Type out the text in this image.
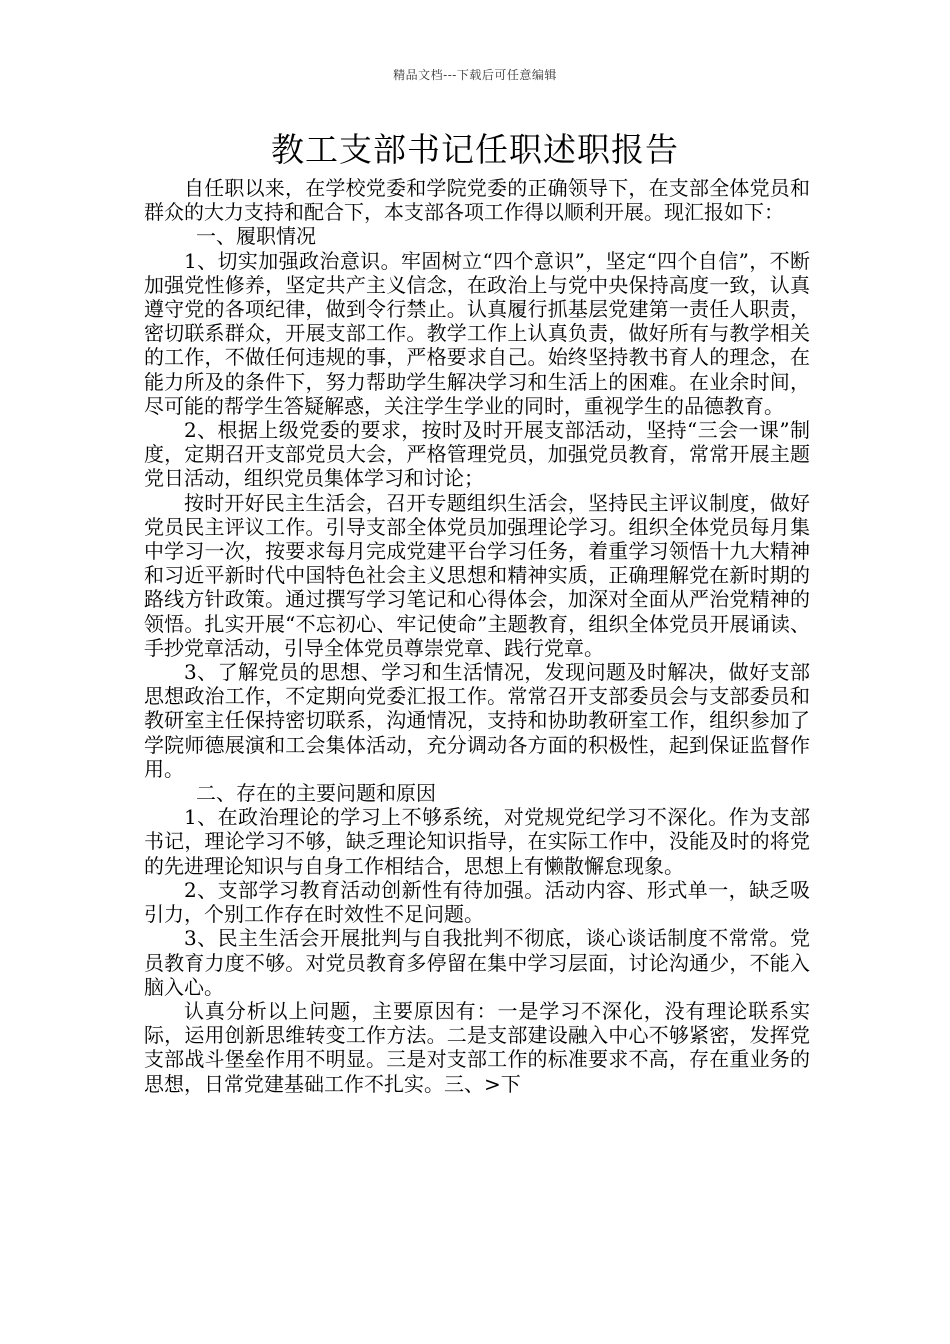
精品文档---下载后可任意编辑
教工支部书记任职述职报告

自任职以来，在学校党委和学院党委的正确领导下，在支部全体党员和群众的大力支持和配合下，本支部各项工作得以顺利开展。现汇报如下：

一、履职情况

1、切实加强政治意识。牢固树立“四个意识”，坚定“四个自信”，不断加强党性修养，坚定共产主义信念，在政治上与党中央保持高度一致，认真遵守党的各项纪律，做到令行禁止。认真履行抓基层党建第一责任人职责，密切联系群众，开展支部工作。教学工作上认真负责，做好所有与教学相关的工作，不做任何违规的事，严格要求自己。始终坚持教书育人的理念，在能力所及的条件下，努力帮助学生解决学习和生活上的困难。在业余时间，尽可能的帮学生答疑解惑，关注学生学业的同时，重视学生的品德教育。

2、根据上级党委的要求，按时及时开展支部活动，坚持“三会一课”制度，定期召开支部党员大会，严格管理党员，加强党员教育，常常开展主题党日活动，组织党员集体学习和讨论；

按时开好民主生活会，召开专题组织生活会，坚持民主评议制度，做好党员民主评议工作。引导支部全体党员加强理论学习。组织全体党员每月集中学习一次，按要求每月完成党建平台学习任务，着重学习领悟十九大精神和习近平新时代中国特色社会主义思想和精神实质，正确理解党在新时期的路线方针政策。通过撰写学习笔记和心得体会，加深对全面从严治党精神的领悟。扎实开展“不忘初心、牢记使命”主题教育，组织全体党员开展诵读、手抄党章活动，引导全体党员尊崇党章、践行党章。

3、了解党员的思想、学习和生活情况，发现问题及时解决，做好支部思想政治工作，不定期向党委汇报工作。常常召开支部委员会与支部委员和教研室主任保持密切联系，沟通情况，支持和协助教研室工作，组织参加了学院师德展演和工会集体活动，充分调动各方面的积极性，起到保证监督作用。

二、存在的主要问题和原因

1、在政治理论的学习上不够系统，对党规党纪学习不深化。作为支部书记，理论学习不够，缺乏理论知识指导，在实际工作中，没能及时的将党的先进理论知识与自身工作相结合，思想上有懒散懈怠现象。

2、支部学习教育活动创新性有待加强。活动内容、形式单一，缺乏吸引力，个别工作存在时效性不足问题。

3、民主生活会开展批判与自我批判不彻底，谈心谈话制度不常常。党员教育力度不够。对党员教育多停留在集中学习层面，讨论沟通少，不能入脑入心。

认真分析以上问题，主要原因有：一是学习不深化，没有理论联系实际，运用创新思维转变工作方法。二是支部建设融入中心不够紧密，发挥党支部战斗堡垒作用不明显。三是对支部工作的标准要求不高，存在重业务的思想，日常党建基础工作不扎实。三、>下
